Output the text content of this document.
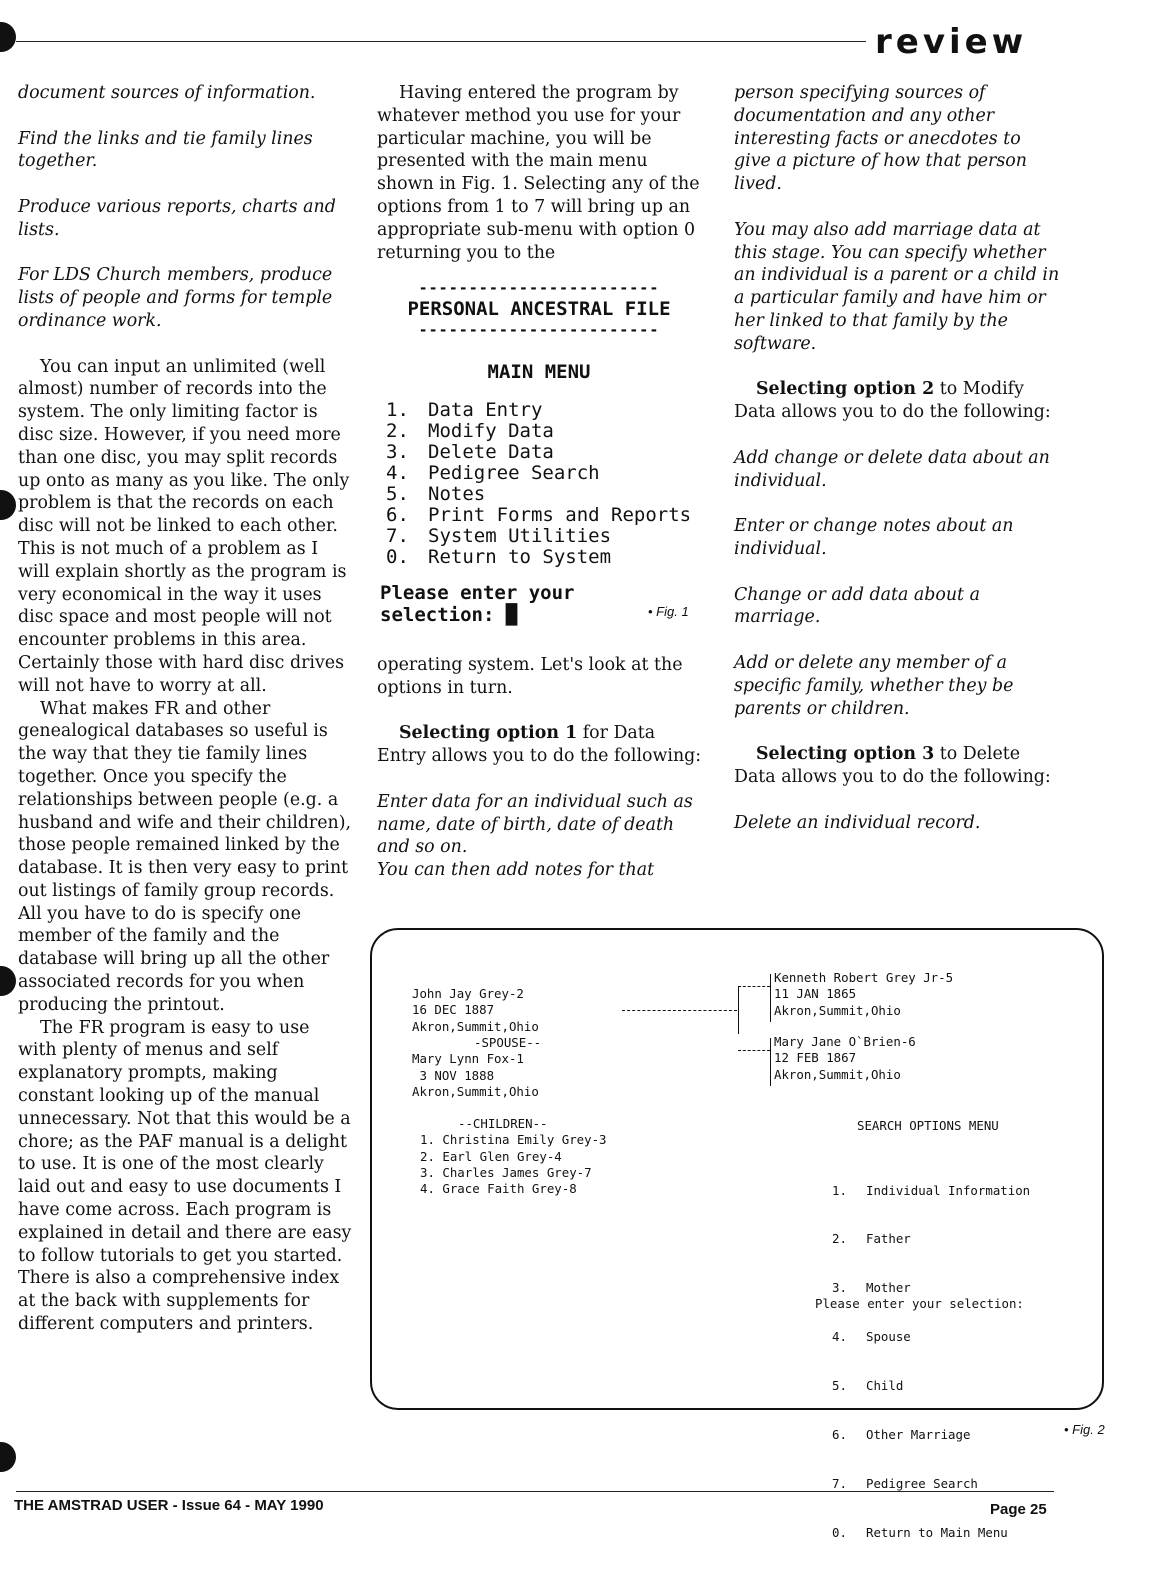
review

document sources of information.

Find the links and tie family lines together.

Produce various reports, charts and lists.

For LDS Church members, produce lists of people and forms for temple ordinance work.

You can input an unlimited (well almost) number of records into the system. The only limiting factor is disc size. However, if you need more than one disc, you may split records up onto as many as you like. The only problem is that the records on each disc will not be linked to each other. This is not much of a problem as I will explain shortly as the program is very economical in the way it uses disc space and most people will not encounter problems in this area. Certainly those with hard disc drives will not have to worry at all.

What makes FR and other genealogical databases so useful is the way that they tie family lines together. Once you specify the relationships between people (e.g. a husband and wife and their children), those people remained linked by the database. It is then very easy to print out listings of family group records. All you have to do is specify one member of the family and the database will bring up all the other associated records for you when producing the printout.

The FR program is easy to use with plenty of menus and self explanatory prompts, making constant looking up of the manual unnecessary. Not that this would be a chore; as the PAF manual is a delight to use. It is one of the most clearly laid out and easy to use documents I have come across. Each program is explained in detail and there are easy to follow tutorials to get you started. There is also a comprehensive index at the back with supplements for different computers and printers.

Having entered the program by whatever method you use for your particular machine, you will be presented with the main menu shown in Fig. 1. Selecting any of the options from 1 to 7 will bring up an appropriate sub-menu with option 0 returning you to the

------------------------
PERSONAL ANCESTRAL FILE
------------------------
MAIN MENU
1. Data Entry
2. Modify Data
3. Delete Data
4. Pedigree Search
5. Notes
6. Print Forms and Reports
7. System Utilities
0. Return to System
Please enter your selection: █	• Fig. 1

operating system. Let's look at the options in turn.

Selecting option 1 for Data Entry allows you to do the following:

Enter data for an individual such as name, date of birth, date of death and so on.

You can then add notes for that

person specifying sources of documentation and any other interesting facts or anecdotes to give a picture of how that person lived.

You may also add marriage data at this stage. You can specify whether an individual is a parent or a child in a particular family and have him or her linked to that family by the software.

Selecting option 2 to Modify Data allows you to do the following:

Add change or delete data about an individual.

Enter or change notes about an individual.

Change or add data about a marriage.

Add or delete any member of a specific family, whether they be parents or children.

Selecting option 3 to Delete Data allows you to do the following:

Delete an individual record.

John Jay Grey-2
16 DEC 1887
Akron,Summit,Ohio
-SPOUSE--
Mary Lynn Fox-1
3 NOV 1888
Akron,Summit,Ohio
Kenneth Robert Grey Jr-5
11 JAN 1865
Akron,Summit,Ohio
Mary Jane O`Brien-6
12 FEB 1867
Akron,Summit,Ohio
--CHILDREN--
1. Christina Emily Grey-3
2. Earl Glen Grey-4
3. Charles James Grey-7
4. Grace Faith Grey-8
SEARCH OPTIONS MENU

1. Individual Information

2. Father

3. Mother

4. Spouse

5. Child

6. Other Marriage

7. Pedigree Search

0. Return to Main Menu

Please enter your selection:
• Fig. 2
THE AMSTRAD USER - Issue 64 - MAY 1990	Page 25
